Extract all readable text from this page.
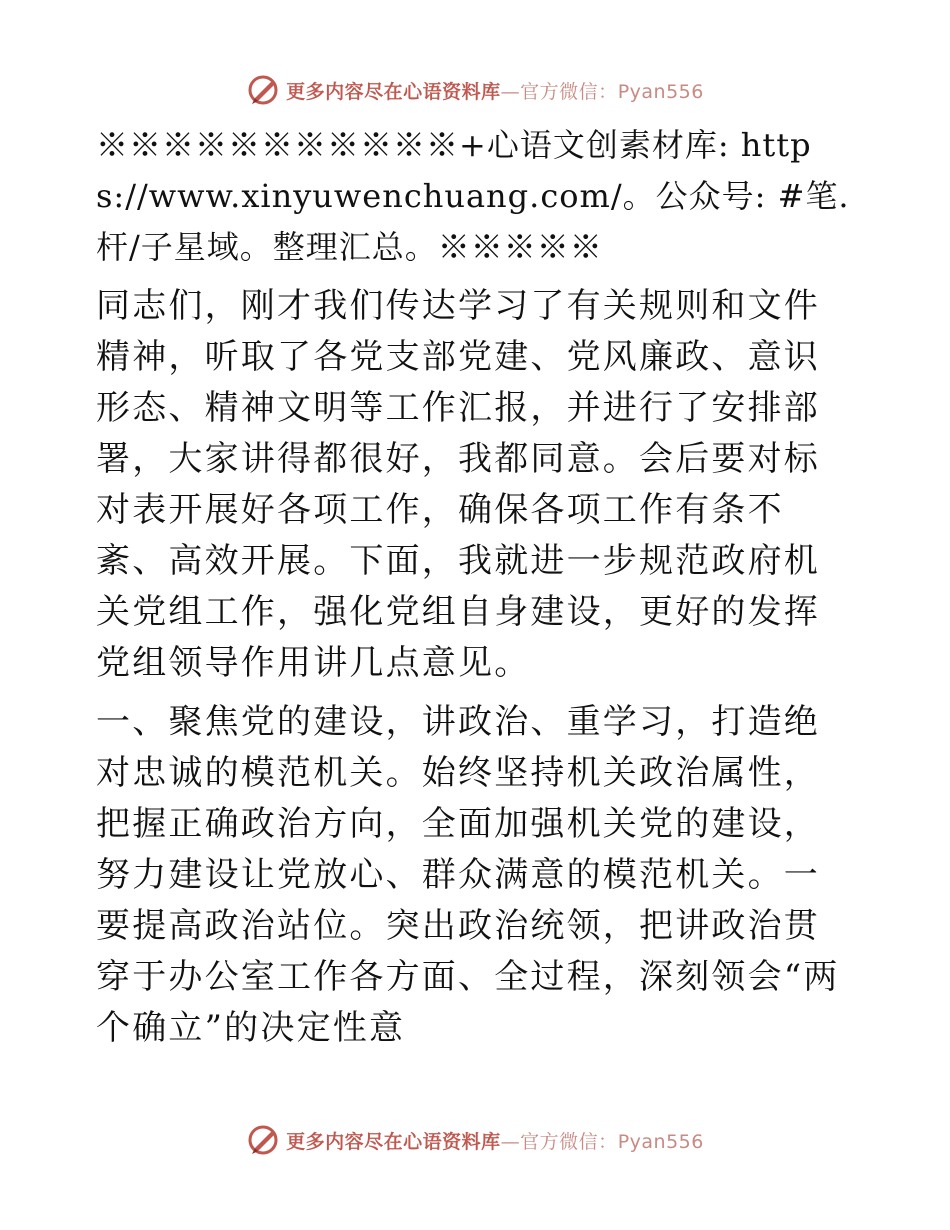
更多内容尽在心语资料库—官方微信：Pyan556

※※※※※※※※※※※+心语文创素材库: https://www.xinyuwenchuang.com/。公众号: #笔.杆/子星域。整理汇总。※※※※※

同志们，刚才我们传达学习了有关规则和文件精神，听取了各党支部党建、党风廉政、意识形态、精神文明等工作汇报，并进行了安排部署，大家讲得都很好，我都同意。会后要对标对表开展好各项工作，确保各项工作有条不紊、高效开展。下面，我就进一步规范政府机关党组工作，强化党组自身建设，更好的发挥党组领导作用讲几点意见。

一、聚焦党的建设，讲政治、重学习，打造绝对忠诚的模范机关。始终坚持机关政治属性，把握正确政治方向，全面加强机关党的建设，努力建设让党放心、群众满意的模范机关。一要提高政治站位。突出政治统领，把讲政治贯穿于办公室工作各方面、全过程，深刻领会“两个确立”的决定性意

更多内容尽在心语资料库—官方微信：Pyan556
